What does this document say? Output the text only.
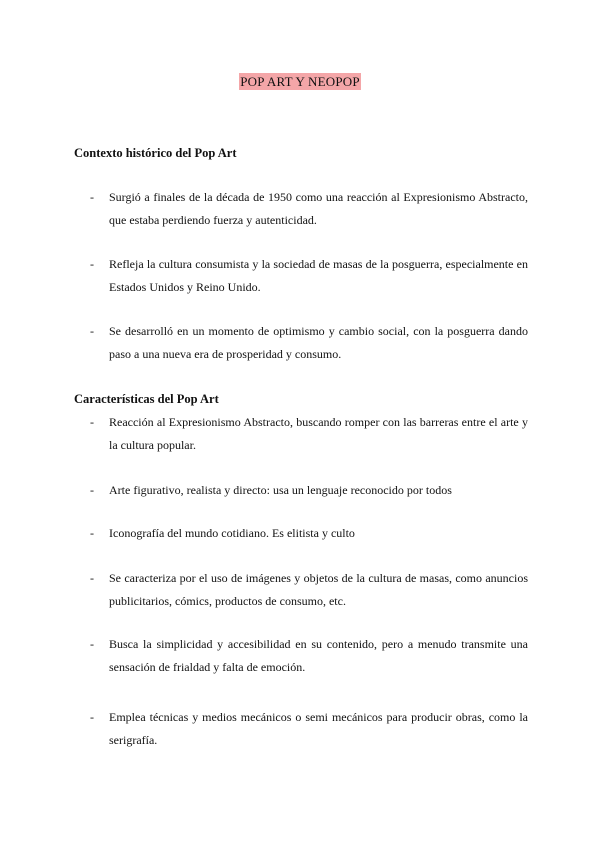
POP ART Y NEOPOP
Contexto histórico del Pop Art
- Surgió a finales de la década de 1950 como una reacción al Expresionismo Abstracto, que estaba perdiendo fuerza y autenticidad.
- Refleja la cultura consumista y la sociedad de masas de la posguerra, especialmente en Estados Unidos y Reino Unido.
- Se desarrolló en un momento de optimismo y cambio social, con la posguerra dando paso a una nueva era de prosperidad y consumo.
Características del Pop Art
- Reacción al Expresionismo Abstracto, buscando romper con las barreras entre el arte y la cultura popular.
- Arte figurativo, realista y directo: usa un lenguaje reconocido por todos
- Iconografía del mundo cotidiano. Es elitista y culto
- Se caracteriza por el uso de imágenes y objetos de la cultura de masas, como anuncios publicitarios, cómics, productos de consumo, etc.
- Busca la simplicidad y accesibilidad en su contenido, pero a menudo transmite una sensación de frialdad y falta de emoción.
- Emplea técnicas y medios mecánicos o semi mecánicos para producir obras, como la serigrafía.
